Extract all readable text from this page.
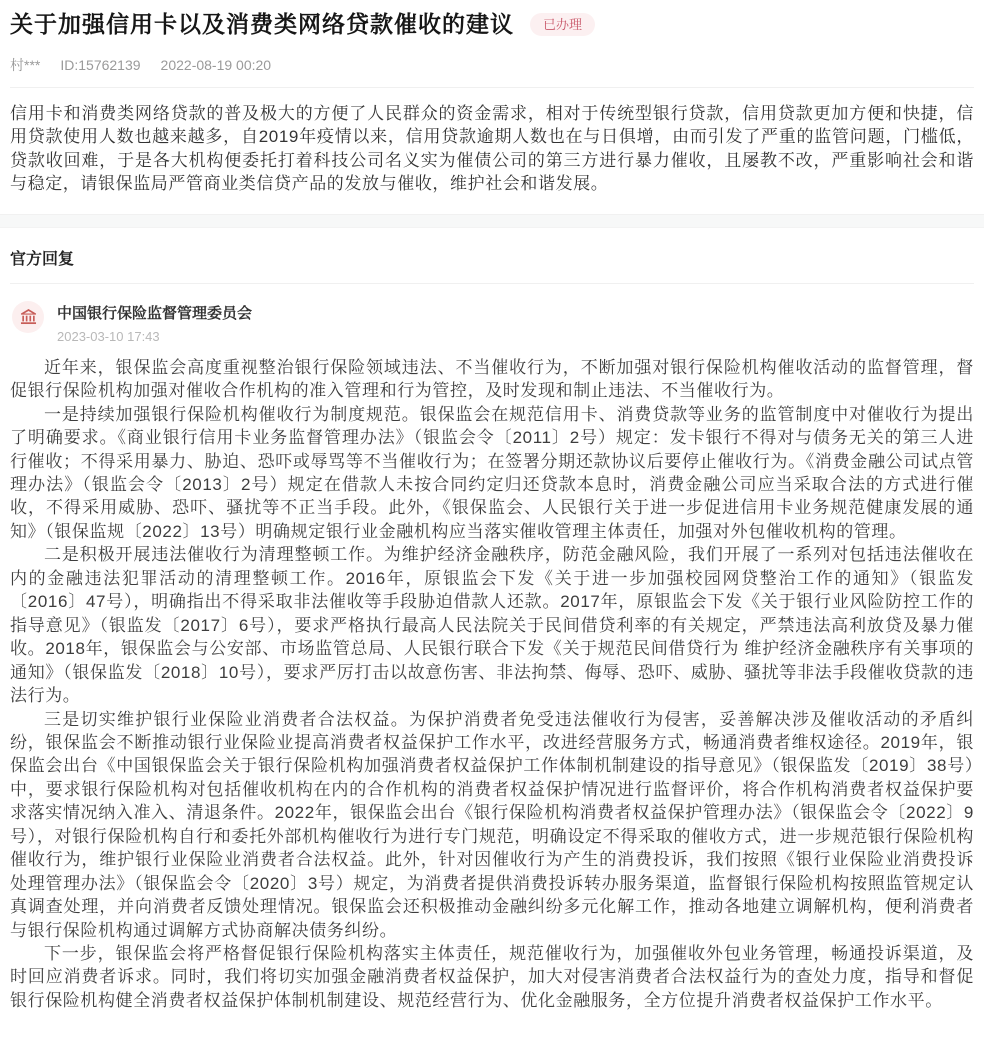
关于加强信用卡以及消费类网络贷款催收的建议	已办理
村*** ID:15762139 2022-08-19 00:20

信用卡和消费类网络贷款的普及极大的方便了人民群众的资金需求，相对于传统型银行贷款，信用贷款更加方便和快捷，信用贷款使用人数也越来越多，自2019年疫情以来，信用贷款逾期人数也在与日俱增，由而引发了严重的监管问题，门槛低，贷款收回难，于是各大机构便委托打着科技公司名义实为催债公司的第三方进行暴力催收，且屡教不改，严重影响社会和谐与稳定，请银保监局严管商业类信贷产品的发放与催收，维护社会和谐发展。

官方回复
中国银行保险监督管理委员会
2023-03-10 17:43

近年来，银保监会高度重视整治银行保险领域违法、不当催收行为，不断加强对银行保险机构催收活动的监督管理，督促银行保险机构加强对催收合作机构的准入管理和行为管控，及时发现和制止违法、不当催收行为。

一是持续加强银行保险机构催收行为制度规范。银保监会在规范信用卡、消费贷款等业务的监管制度中对催收行为提出了明确要求。《商业银行信用卡业务监督管理办法》（银监会令〔2011〕2号）规定：发卡银行不得对与债务无关的第三人进行催收；不得采用暴力、胁迫、恐吓或辱骂等不当催收行为；在签署分期还款协议后要停止催收行为。《消费金融公司试点管理办法》（银监会令〔2013〕2号）规定在借款人未按合同约定归还贷款本息时，消费金融公司应当采取合法的方式进行催收，不得采用威胁、恐吓、骚扰等不正当手段。此外，《银保监会、人民银行关于进一步促进信用卡业务规范健康发展的通知》（银保监规〔2022〕13号）明确规定银行业金融机构应当落实催收管理主体责任，加强对外包催收机构的管理。

二是积极开展违法催收行为清理整顿工作。为维护经济金融秩序，防范金融风险，我们开展了一系列对包括违法催收在内的金融违法犯罪活动的清理整顿工作。2016年，原银监会下发《关于进一步加强校园网贷整治工作的通知》（银监发〔2016〕47号），明确指出不得采取非法催收等手段胁迫借款人还款。2017年，原银监会下发《关于银行业风险防控工作的指导意见》（银监发〔2017〕6号），要求严格执行最高人民法院关于民间借贷利率的有关规定，严禁违法高利放贷及暴力催收。2018年，银保监会与公安部、市场监管总局、人民银行联合下发《关于规范民间借贷行为 维护经济金融秩序有关事项的通知》（银保监发〔2018〕10号），要求严厉打击以故意伤害、非法拘禁、侮辱、恐吓、威胁、骚扰等非法手段催收贷款的违法行为。

三是切实维护银行业保险业消费者合法权益。为保护消费者免受违法催收行为侵害，妥善解决涉及催收活动的矛盾纠纷，银保监会不断推动银行业保险业提高消费者权益保护工作水平，改进经营服务方式，畅通消费者维权途径。2019年，银保监会出台《中国银保监会关于银行保险机构加强消费者权益保护工作体制机制建设的指导意见》（银保监发〔2019〕38号）中，要求银行保险机构对包括催收机构在内的合作机构的消费者权益保护情况进行监督评价，将合作机构消费者权益保护要求落实情况纳入准入、清退条件。2022年，银保监会出台《银行保险机构消费者权益保护管理办法》（银保监会令〔2022〕9号），对银行保险机构自行和委托外部机构催收行为进行专门规范，明确设定不得采取的催收方式，进一步规范银行保险机构催收行为，维护银行业保险业消费者合法权益。此外，针对因催收行为产生的消费投诉，我们按照《银行业保险业消费投诉处理管理办法》（银保监会令〔2020〕3号）规定，为消费者提供消费投诉转办服务渠道，监督银行保险机构按照监管规定认真调查处理，并向消费者反馈处理情况。银保监会还积极推动金融纠纷多元化解工作，推动各地建立调解机构，便利消费者与银行保险机构通过调解方式协商解决债务纠纷。

下一步，银保监会将严格督促银行保险机构落实主体责任，规范催收行为，加强催收外包业务管理，畅通投诉渠道，及时回应消费者诉求。同时，我们将切实加强金融消费者权益保护，加大对侵害消费者合法权益行为的查处力度，指导和督促银行保险机构健全消费者权益保护体制机制建设、规范经营行为、优化金融服务，全方位提升消费者权益保护工作水平。
